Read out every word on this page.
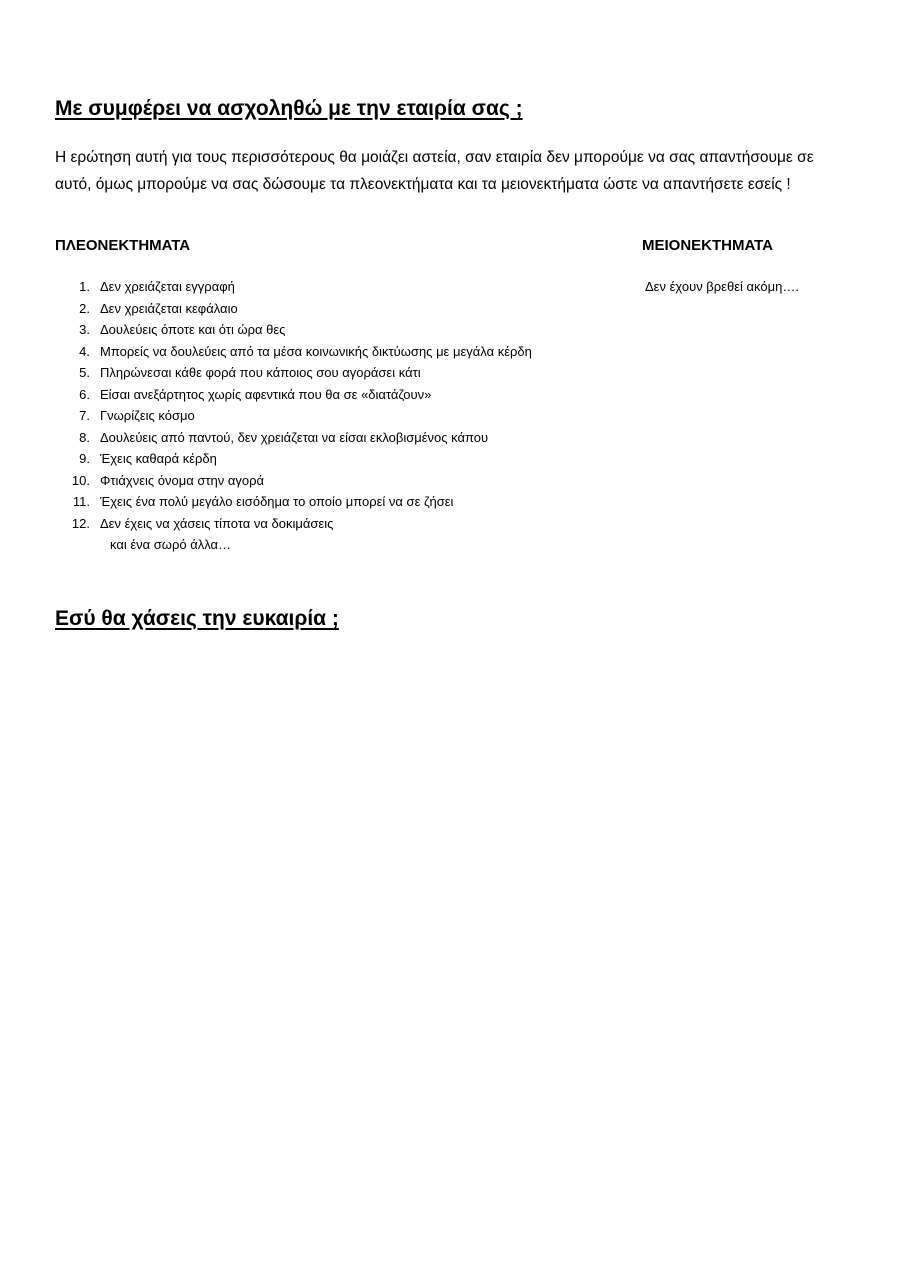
Με συμφέρει να ασχοληθώ με την εταιρία σας ;

Η ερώτηση αυτή για τους περισσότερους θα μοιάζει αστεία, σαν εταιρία δεν μπορούμε να σας απαντήσουμε σε αυτό, όμως μπορούμε να σας δώσουμε τα πλεονεκτήματα και τα μειονεκτήματα ώστε να απαντήσετε εσείς !

ΠΛΕΟΝΕΚΤΗΜΑΤΑ	ΜΕΙΟΝΕΚΤΗΜΑΤΑ
1. Δεν χρειάζεται εγγραφή
2. Δεν χρειάζεται κεφάλαιο
3. Δουλεύεις όποτε και ότι ώρα θες
4. Μπορείς να δουλεύεις από τα μέσα κοινωνικής δικτύωσης με μεγάλα κέρδη
5. Πληρώνεσαι κάθε φορά που κάποιος σου αγοράσει κάτι
6. Είσαι ανεξάρτητος χωρίς αφεντικά που θα σε «διατάζουν»
7. Γνωρίζεις κόσμο
8. Δουλεύεις από παντού, δεν χρειάζεται να είσαι εκλοβισμένος κάπου
9. Έχεις καθαρά κέρδη
10. Φτιάχνεις όνομα στην αγορά
11. Έχεις ένα πολύ μεγάλο εισόδημα το οποίο μπορεί να σε ζήσει
12. Δεν έχεις να χάσεις τίποτα να δοκιμάσεις

και ένα σωρό άλλα…

Δεν έχουν βρεθεί ακόμη….

Εσύ θα χάσεις την ευκαιρία ;
